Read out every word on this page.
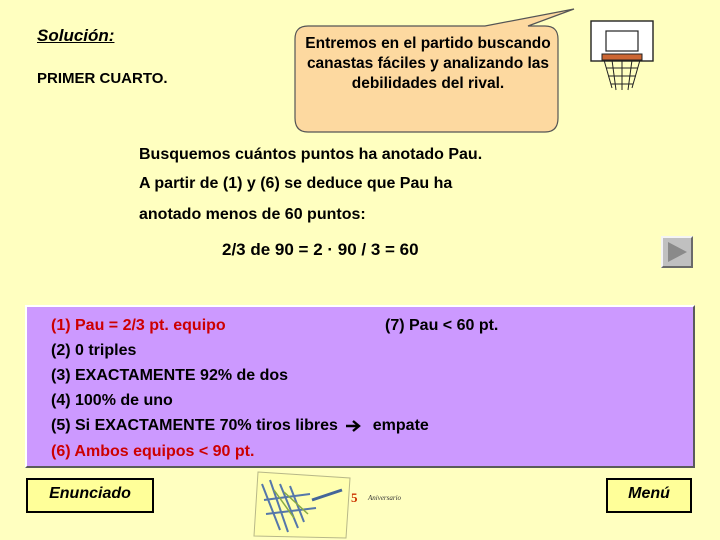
Solución:
PRIMER CUARTO.
Entremos en el partido buscando canastas fáciles y analizando las debilidades del rival.
Busquemos cuántos puntos ha anotado Pau.
A partir de (1) y (6) se deduce que Pau ha
anotado menos de 60 puntos:
2/3 de 90 = 2 · 90 / 3 = 60
(1) Pau = 2/3 pt. equipo	(7) Pau < 60 pt.
(2) 0 triples
(3) EXACTAMENTE 92% de dos
(4) 100% de uno
(5) Si EXACTAMENTE 70% tiros libres empate
(6) Ambos equipos < 90 pt.
Enunciado	Menú
5 Aniversario
